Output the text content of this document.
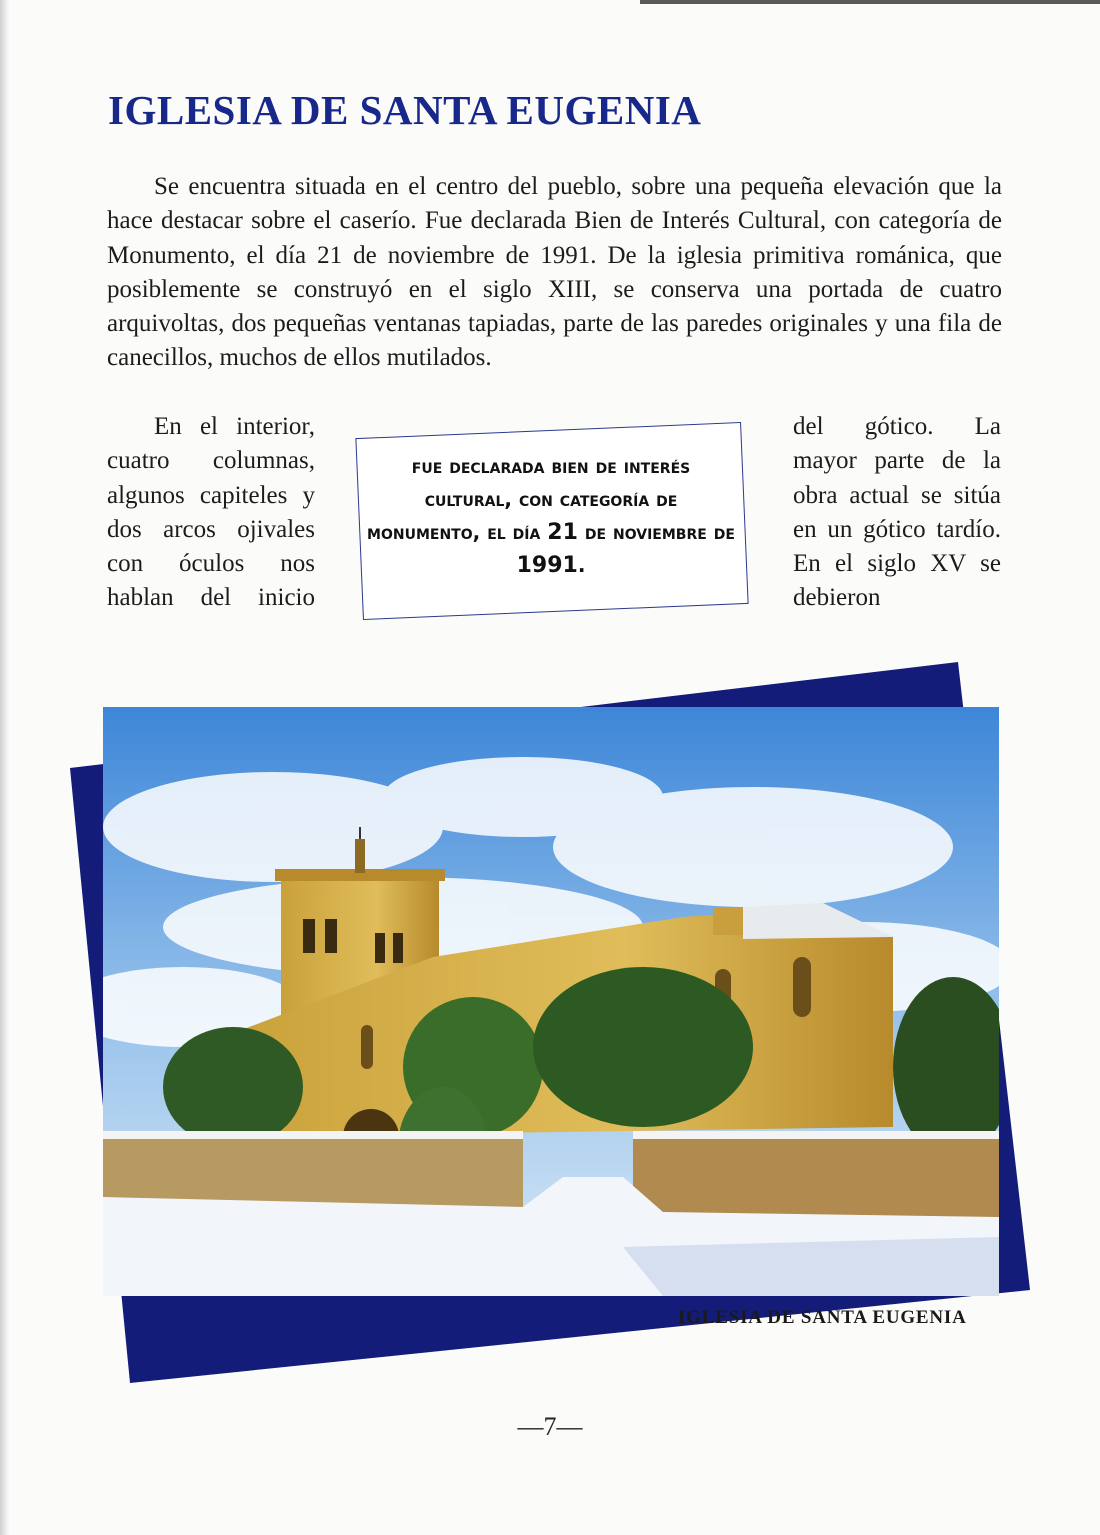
IGLESIA DE SANTA EUGENIA

Se encuentra situada en el centro del pueblo, sobre una pequeña elevación que la hace destacar sobre el caserío. Fue declarada Bien de Interés Cultural, con categoría de Monumento, el día 21 de noviembre de 1991. De la iglesia primitiva románica, que posiblemente se construyó en el siglo XIII, se conserva una portada de cuatro arquivoltas, dos pequeñas ventanas tapiadas, parte de las paredes originales y una fila de canecillos, muchos de ellos mutilados.

En el interior, cuatro columnas, algunos capiteles y dos arcos ojivales con óculos nos hablan del inicio

del gótico. La mayor parte de la obra actual se sitúa en un gótico tardío. En el siglo XV se debieron

fue declarada bien de interés cultural, con categoría de monumento, el día 21 de noviembre de 1991.

IGLESIA DE SANTA EUGENIA

—7—
